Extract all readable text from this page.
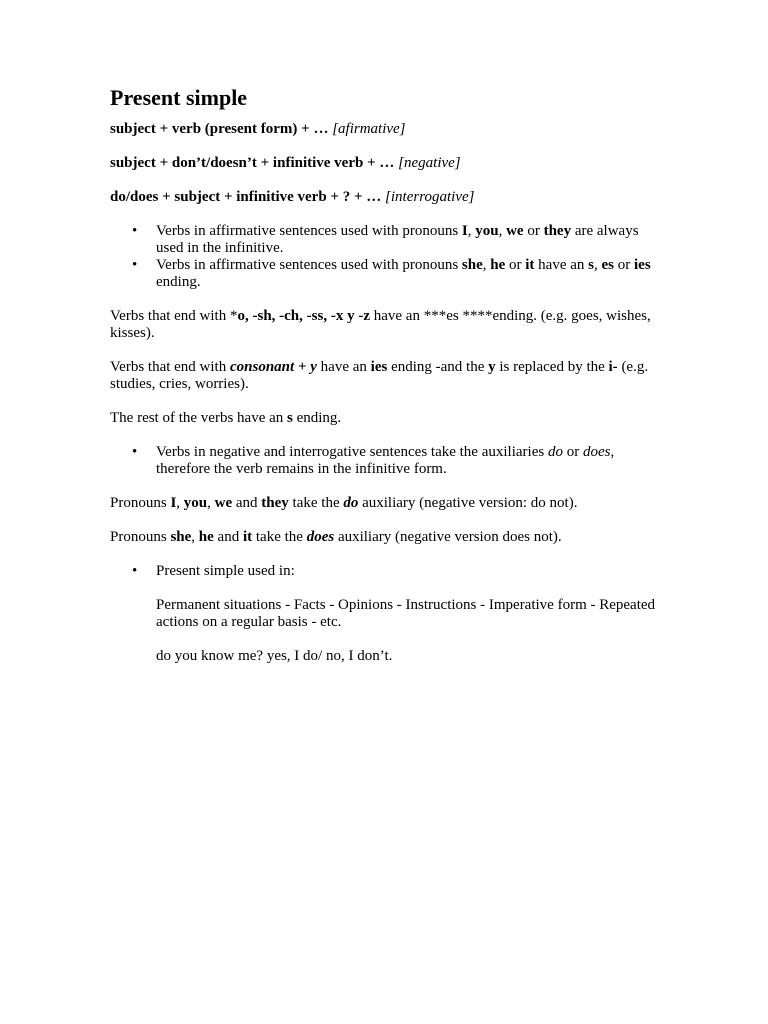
Present simple

subject + verb (present form) + … [afirmative]

subject + don’t/doesn’t + infinitive verb + … [negative]

do/does + subject + infinitive verb + ? + … [interrogative]

• Verbs in affirmative sentences used with pronouns I, you, we or they are always used in the infinitive.
• Verbs in affirmative sentences used with pronouns she, he or it have an s, es or ies ending.

Verbs that end with *o, -sh, -ch, -ss, -x y -z have an ***es ****ending. (e.g. goes, wishes, kisses).

Verbs that end with consonant + y have an ies ending -and the y is replaced by the i- (e.g. studies, cries, worries).

The rest of the verbs have an s ending.

• Verbs in negative and interrogative sentences take the auxiliaries do or does, therefore the verb remains in the infinitive form.

Pronouns I, you, we and they take the do auxiliary (negative version: do not).

Pronouns she, he and it take the does auxiliary (negative version does not).

• Present simple used in:

Permanent situations - Facts - Opinions - Instructions - Imperative form - Repeated actions on a regular basis - etc.

do you know me? yes, I do/ no, I don’t.
